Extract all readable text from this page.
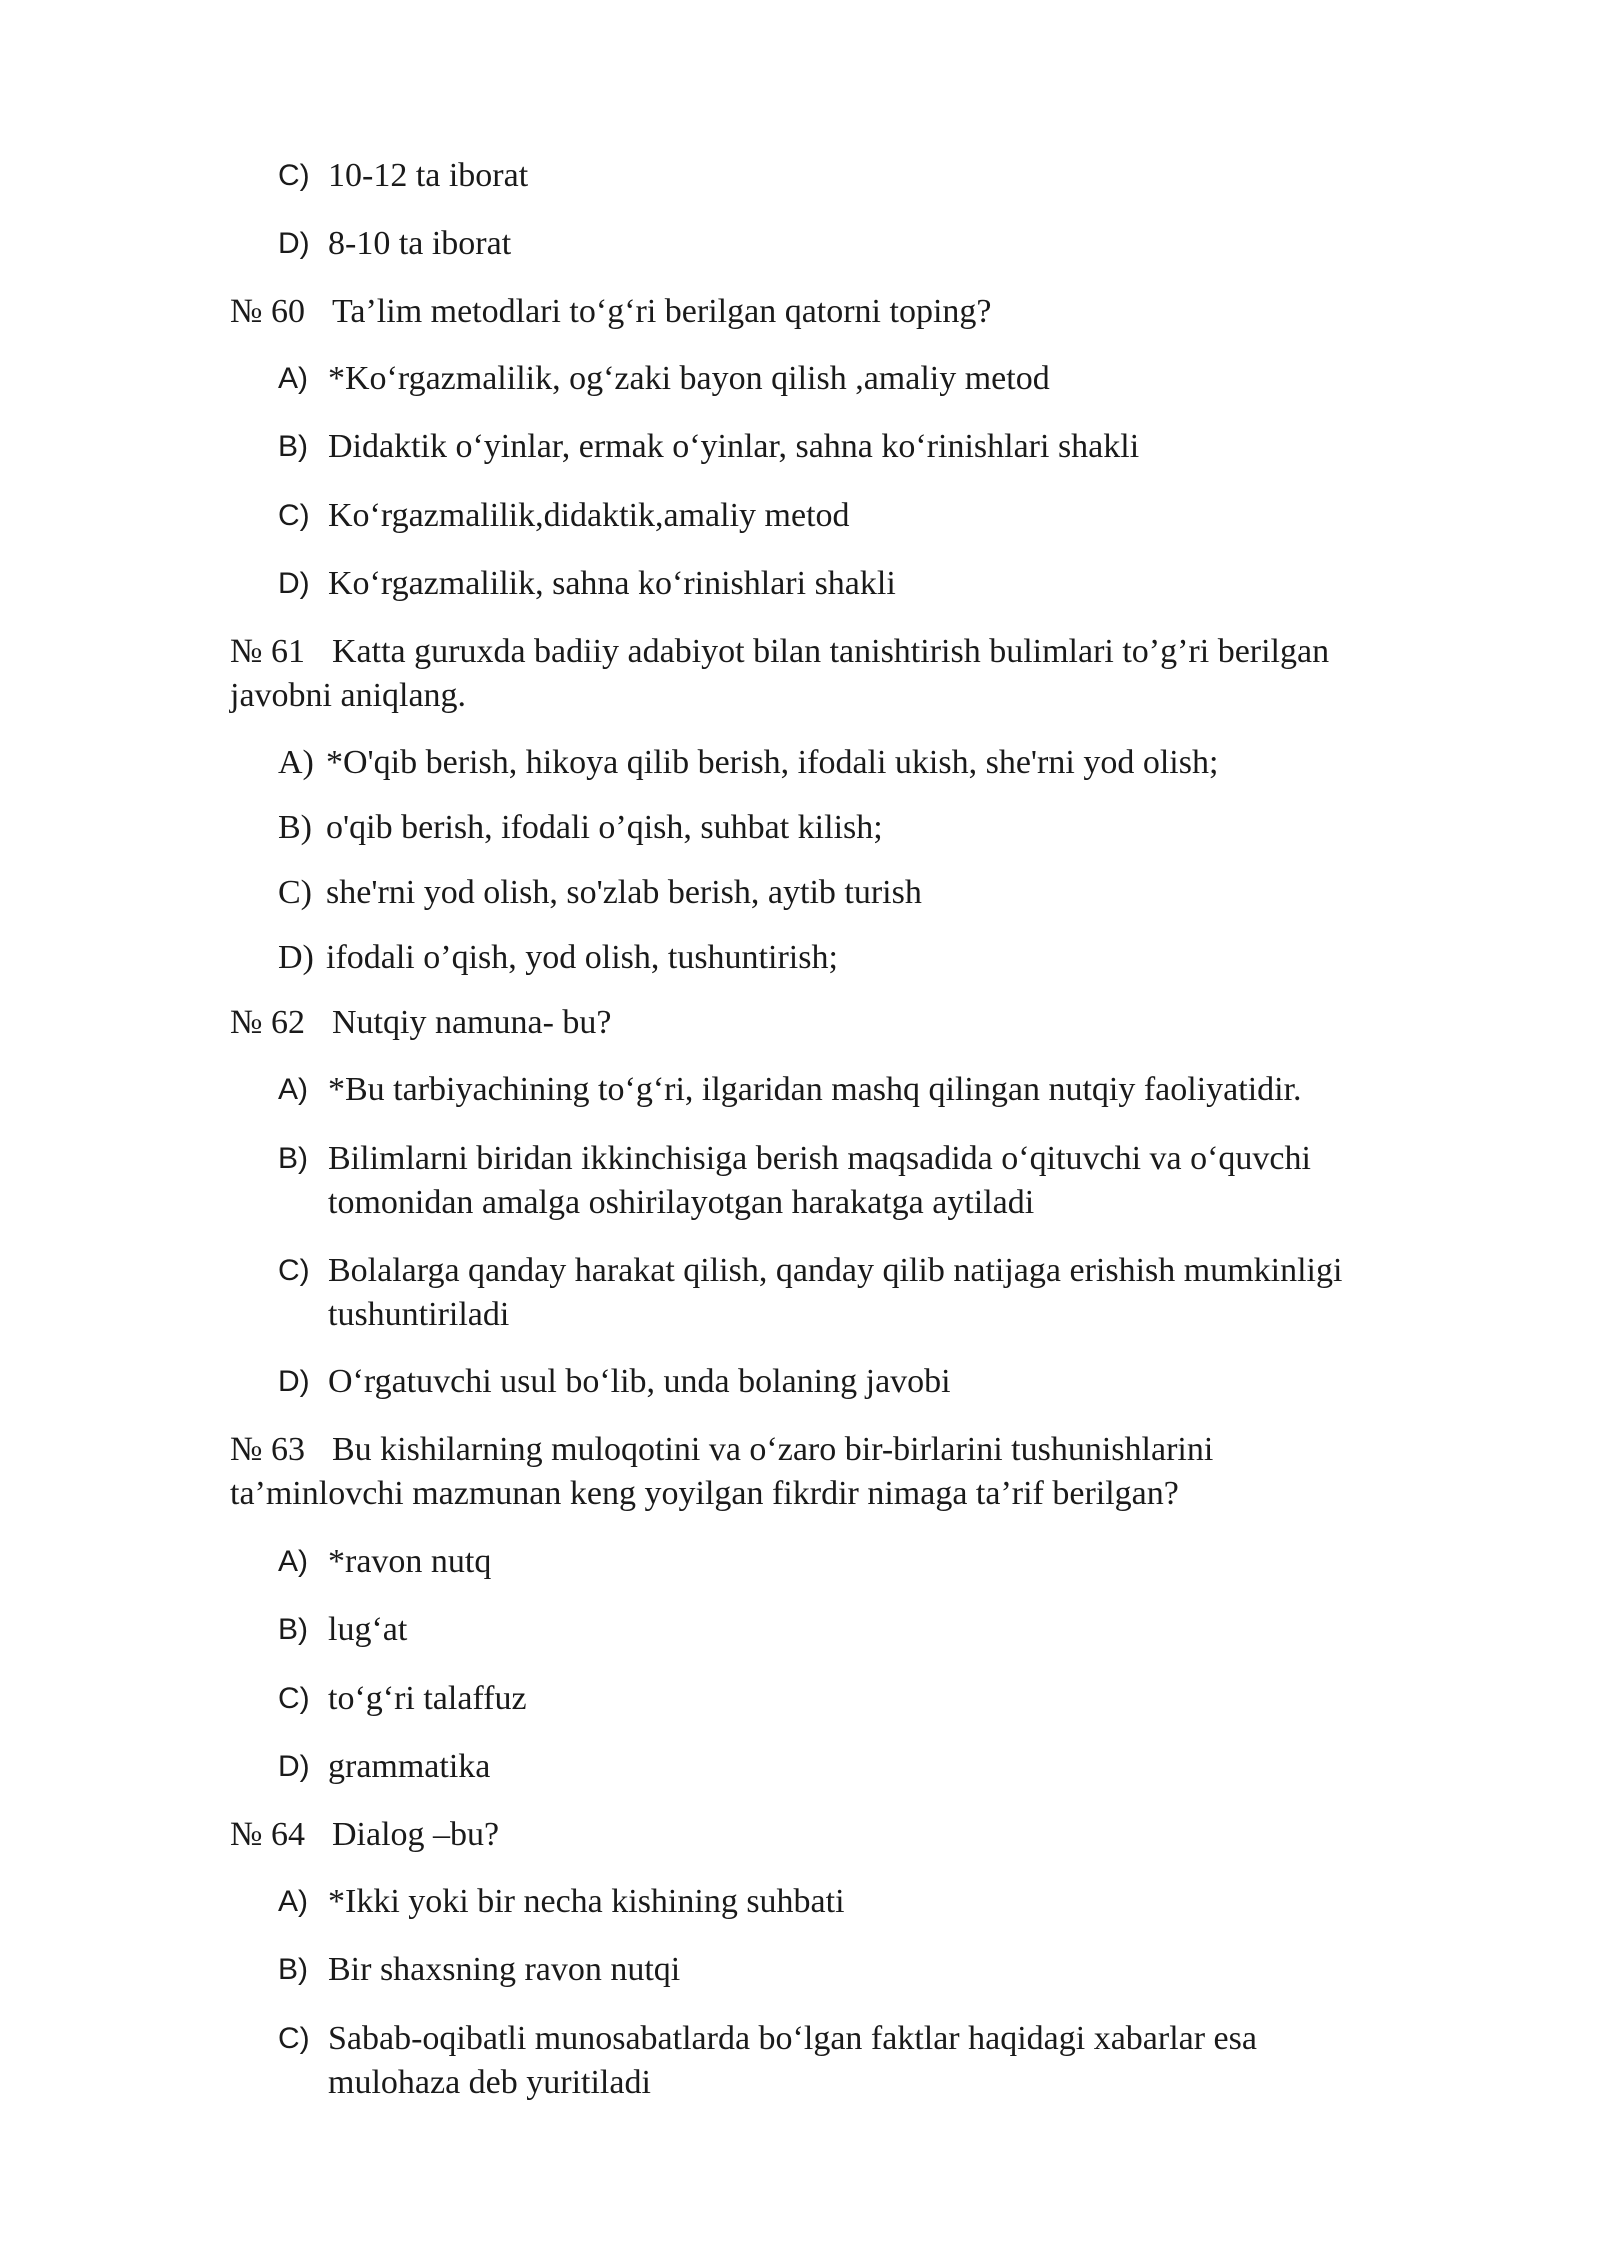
C) 10-12 ta iborat
D) 8-10 ta iborat
№ 60 Ta’lim metodlari to‘g‘ri berilgan qatorni toping?
A) *Ko‘rgazmalilik, og‘zaki bayon qilish ,amaliy metod
B) Didaktik o‘yinlar, ermak o‘yinlar, sahna ko‘rinishlari shakli
C) Ko‘rgazmalilik,didaktik,amaliy metod
D) Ko‘rgazmalilik, sahna ko‘rinishlari shakli
№ 61 Katta guruxda badiiy adabiyot bilan tanishtirish bulimlari to’g’ri berilgan
javobni aniqlang.
A) *O'qib berish, hikoya qilib berish, ifodali ukish, she'rni yod olish;
B) o'qib berish, ifodali o’qish, suhbat kilish;
C) she'rni yod olish, so'zlab berish, aytib turish
D) ifodali o’qish, yod olish, tushuntirish;
№ 62 Nutqiy namuna- bu?
A) *Bu tarbiyachining to‘g‘ri, ilgaridan mashq qilingan nutqiy faoliyatidir.
B) Bilimlarni biridan ikkinchisiga berish maqsadida o‘qituvchi va o‘quvchi
tomonidan amalga oshirilayotgan harakatga aytiladi
C) Bolalarga qanday harakat qilish, qanday qilib natijaga erishish mumkinligi
tushuntiriladi
D) O‘rgatuvchi usul bo‘lib, unda bolaning javobi
№ 63 Bu kishilarning muloqotini va o‘zaro bir-birlarini tushunishlarini
ta’minlovchi mazmunan keng yoyilgan fikrdir nimaga ta’rif berilgan?
A) *ravon nutq
B) lug‘at
C) to‘g‘ri talaffuz
D) grammatika
№ 64 Dialog –bu?
A) *Ikki yoki bir necha kishining suhbati
B) Bir shaxsning ravon nutqi
C) Sabab-oqibatli munosabatlarda bo‘lgan faktlar haqidagi xabarlar esa
mulohaza deb yuritiladi
